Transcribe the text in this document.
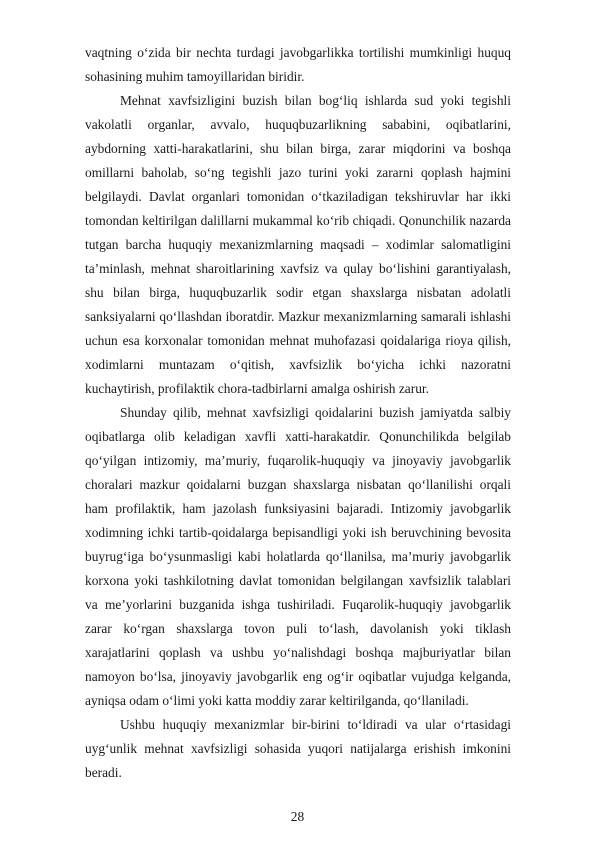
vaqtning o‘zida bir nechta turdagi javobgarlikka tortilishi mumkinligi huquq sohasining muhim tamoyillaridan biridir.

Mehnat xavfsizligini buzish bilan bog‘liq ishlarda sud yoki tegishli vakolatli organlar, avvalo, huquqbuzarlikning sababini, oqibatlarini, aybdorning xatti-harakatlarini, shu bilan birga, zarar miqdorini va boshqa omillarni baholab, so‘ng tegishli jazo turini yoki zararni qoplash hajmini belgilaydi. Davlat organlari tomonidan o‘tkaziladigan tekshiruvlar har ikki tomondan keltirilgan dalillarni mukammal ko‘rib chiqadi. Qonunchilik nazarda tutgan barcha huquqiy mexanizmlarning maqsadi – xodimlar salomatligini ta’minlash, mehnat sharoitlarining xavfsiz va qulay bo‘lishini garantiyalash, shu bilan birga, huquqbuzarlik sodir etgan shaxslarga nisbatan adolatli sanksiyalarni qo‘llashdan iboratdir. Mazkur mexanizmlarning samarali ishlashi uchun esa korxonalar tomonidan mehnat muhofazasi qoidalariga rioya qilish, xodimlarni muntazam o‘qitish, xavfsizlik bo‘yicha ichki nazoratni kuchaytirish, profilaktik chora-tadbirlarni amalga oshirish zarur.

Shunday qilib, mehnat xavfsizligi qoidalarini buzish jamiyatda salbiy oqibatlarga olib keladigan xavfli xatti-harakatdir. Qonunchilikda belgilab qo‘yilgan intizomiy, ma’muriy, fuqarolik-huquqiy va jinoyaviy javobgarlik choralari mazkur qoidalarni buzgan shaxslarga nisbatan qo‘llanilishi orqali ham profilaktik, ham jazolash funksiyasini bajaradi. Intizomiy javobgarlik xodimning ichki tartib-qoidalarga bepisandligi yoki ish beruvchining bevosita buyrug‘iga bo‘ysunmasligi kabi holatlarda qo‘llanilsa, ma’muriy javobgarlik korxona yoki tashkilotning davlat tomonidan belgilangan xavfsizlik talablari va me’yorlarini buzganida ishga tushiriladi. Fuqarolik-huquqiy javobgarlik zarar ko‘rgan shaxslarga tovon puli to‘lash, davolanish yoki tiklash xarajatlarini qoplash va ushbu yo‘nalishdagi boshqa majburiyatlar bilan namoyon bo‘lsa, jinoyaviy javobgarlik eng og‘ir oqibatlar vujudga kelganda, ayniqsa odam o‘limi yoki katta moddiy zarar keltirilganda, qo‘llaniladi.

Ushbu huquqiy mexanizmlar bir-birini to‘ldiradi va ular o‘rtasidagi uyg‘unlik mehnat xavfsizligi sohasida yuqori natijalarga erishish imkonini beradi.

28
